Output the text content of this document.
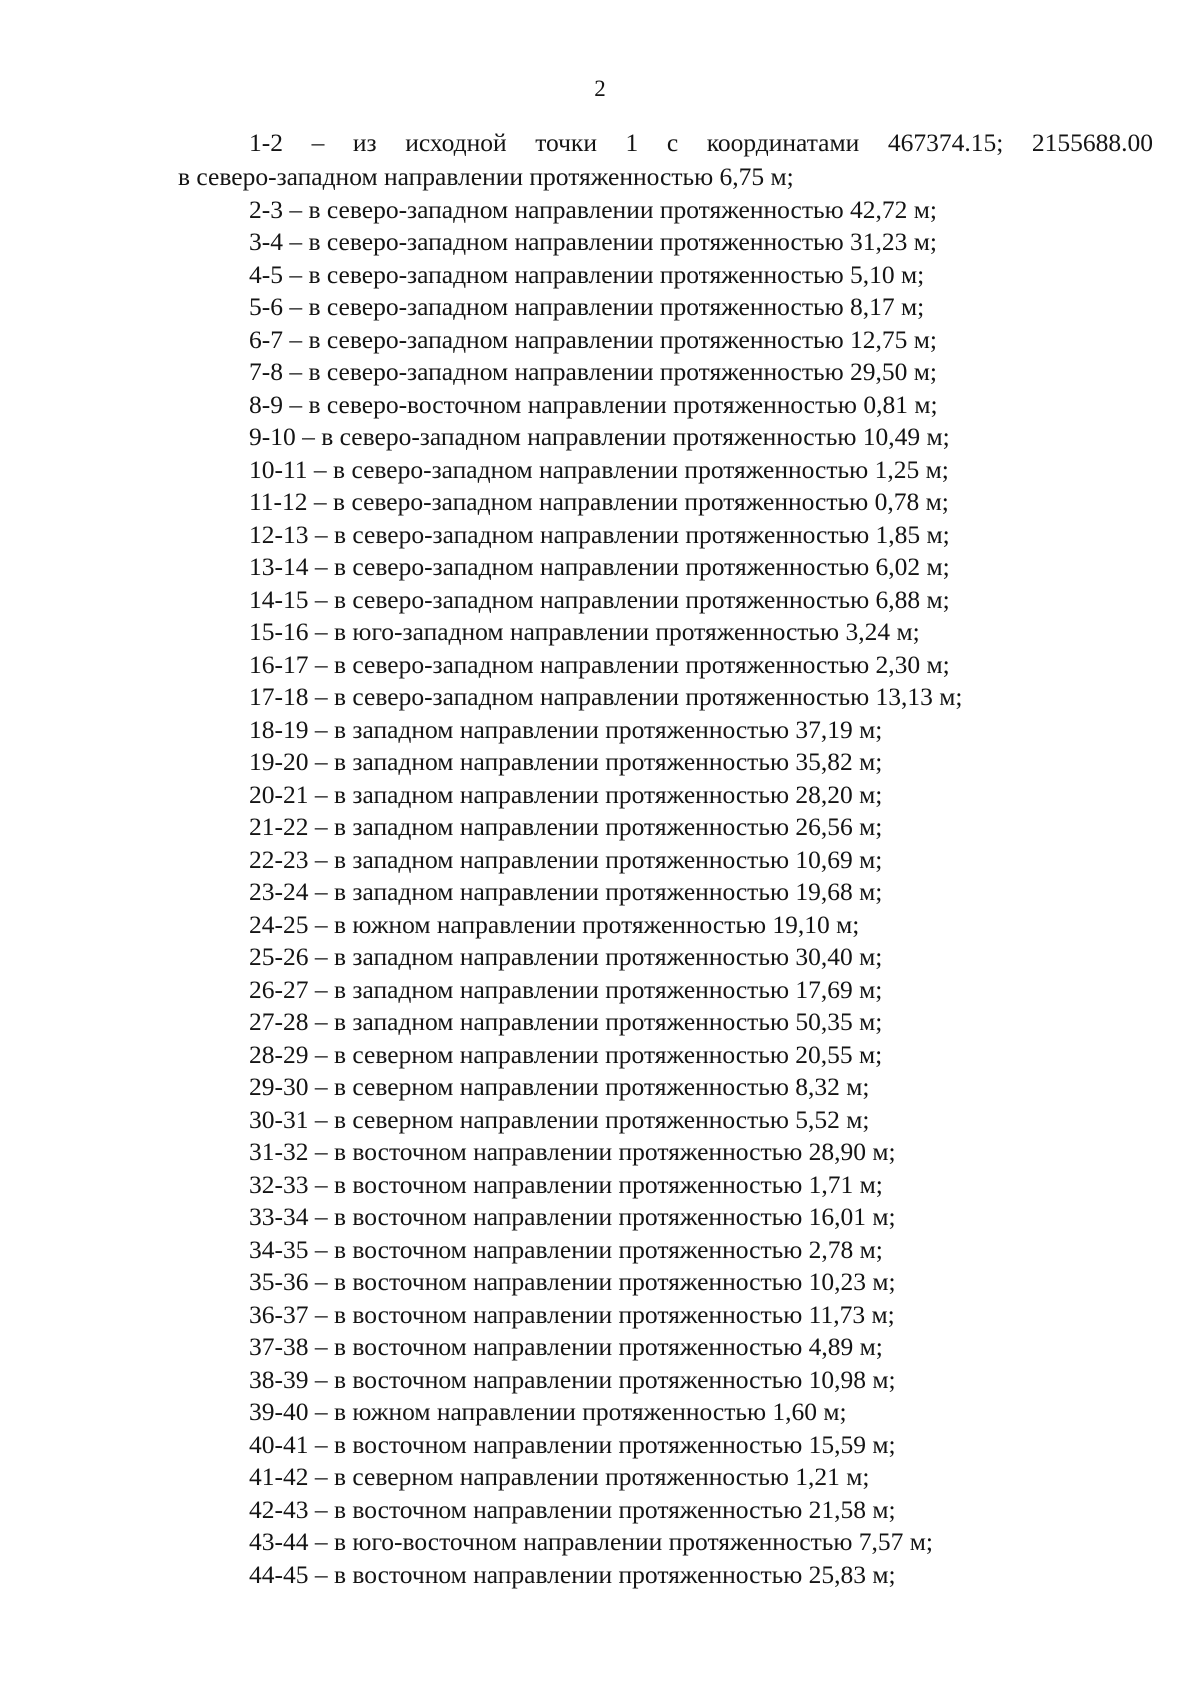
2

1-2 – из исходной точки 1 с координатами 467374.15; 2155688.00

в северо-западном направлении протяженностью 6,75 м;

2-3 – в северо-западном направлении протяженностью 42,72 м;
3-4 – в северо-западном направлении протяженностью 31,23 м;
4-5 – в северо-западном направлении протяженностью 5,10 м;
5-6 – в северо-западном направлении протяженностью 8,17 м;
6-7 – в северо-западном направлении протяженностью 12,75 м;
7-8 – в северо-западном направлении протяженностью 29,50 м;
8-9 – в северо-восточном направлении протяженностью 0,81 м;
9-10 – в северо-западном направлении протяженностью 10,49 м;
10-11 – в северо-западном направлении протяженностью 1,25 м;
11-12 – в северо-западном направлении протяженностью 0,78 м;
12-13 – в северо-западном направлении протяженностью 1,85 м;
13-14 – в северо-западном направлении протяженностью 6,02 м;
14-15 – в северо-западном направлении протяженностью 6,88 м;
15-16 – в юго-западном направлении протяженностью 3,24 м;
16-17 – в северо-западном направлении протяженностью 2,30 м;
17-18 – в северо-западном направлении протяженностью 13,13 м;
18-19 – в западном направлении протяженностью 37,19 м;
19-20 – в западном направлении протяженностью 35,82 м;
20-21 – в западном направлении протяженностью 28,20 м;
21-22 – в западном направлении протяженностью 26,56 м;
22-23 – в западном направлении протяженностью 10,69 м;
23-24 – в западном направлении протяженностью 19,68 м;
24-25 – в южном направлении протяженностью 19,10 м;
25-26 – в западном направлении протяженностью 30,40 м;
26-27 – в западном направлении протяженностью 17,69 м;
27-28 – в западном направлении протяженностью 50,35 м;
28-29 – в северном направлении протяженностью 20,55 м;
29-30 – в северном направлении протяженностью 8,32 м;
30-31 – в северном направлении протяженностью 5,52 м;
31-32 – в восточном направлении протяженностью 28,90 м;
32-33 – в восточном направлении протяженностью 1,71 м;
33-34 – в восточном направлении протяженностью 16,01 м;
34-35 – в восточном направлении протяженностью 2,78 м;
35-36 – в восточном направлении протяженностью 10,23 м;
36-37 – в восточном направлении протяженностью 11,73 м;
37-38 – в восточном направлении протяженностью 4,89 м;
38-39 – в восточном направлении протяженностью 10,98 м;
39-40 – в южном направлении протяженностью 1,60 м;
40-41 – в восточном направлении протяженностью 15,59 м;
41-42 – в северном направлении протяженностью 1,21 м;
42-43 – в восточном направлении протяженностью 21,58 м;
43-44 – в юго-восточном направлении протяженностью 7,57 м;
44-45 – в восточном направлении протяженностью 25,83 м;
